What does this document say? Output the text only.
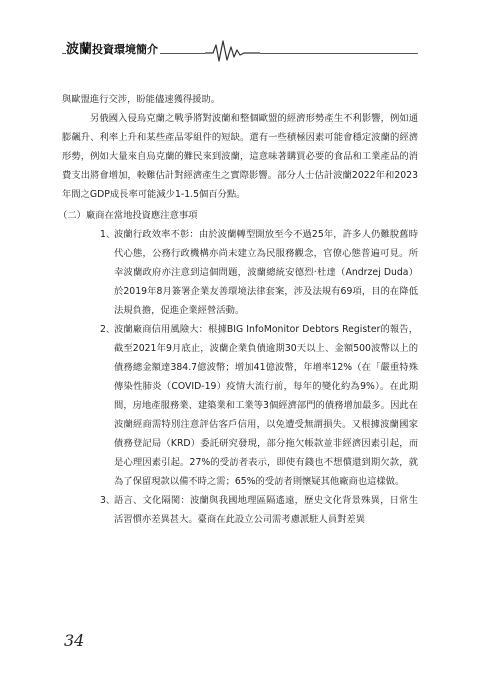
波蘭投資環境簡介

與歐盟進行交涉，盼能儘速獲得援助。

另俄國入侵烏克蘭之戰爭將對波蘭和整個歐盟的經濟形勢產生不利影響，例如通膨飆升、利率上升和某些產品零組件的短缺。還有一些積極因素可能會穩定波蘭的經濟形勢，例如大量來自烏克蘭的難民來到波蘭，這意味著購買必要的食品和工業產品的消費支出將會增加，較難估計對經濟產生之實際影響。部分人士估計波蘭2022年和2023年間之GDP成長率可能減少1-1.5個百分點。

（二）廠商在當地投資應注意事項

1、
波蘭行政效率不彰：由於波蘭轉型開放至今不過25年，許多人仍難脫舊時代心態，公務行政機構亦尚未建立為民服務觀念，官僚心態普遍可見。所幸波蘭政府亦注意到這個問題，波蘭總統安德烈·杜達（Andrzej Duda）於2019年8月簽署企業友善環境法律套案，涉及法規有69項，目的在降低法規負擔，促進企業經營活動。
2、
波蘭廠商信用風險大：根據BIG InfoMonitor Debtors Register的報告，截至2021年9月底止，波蘭企業負債逾期30天以上、金額500波幣以上的債務總金額達384.7億波幣；增加41億波幣，年增率12%（在「嚴重特殊傳染性肺炎（COVID-19）疫情大流行前，每年的變化約為9%）。在此期間，房地產服務業、建築業和工業等3個經濟部門的債務增加最多。因此在波蘭經商需特別注意評估客戶信用，以免遭受無謂損失。又根據波蘭國家債務登記局（KRD）委託研究發現，部分拖欠帳款並非經濟因素引起，而是心理因素引起。27%的受訪者表示，即使有錢也不想償還到期欠款，就為了保留現款以備不時之需；65%的受訪者則懷疑其他廠商也這樣做。
3、
語言、文化隔閡：波蘭與我國地理區隔遙遠，歷史文化背景殊異，日常生活習慣亦差異甚大。臺商在此設立公司需考慮派駐人員對差異
34
